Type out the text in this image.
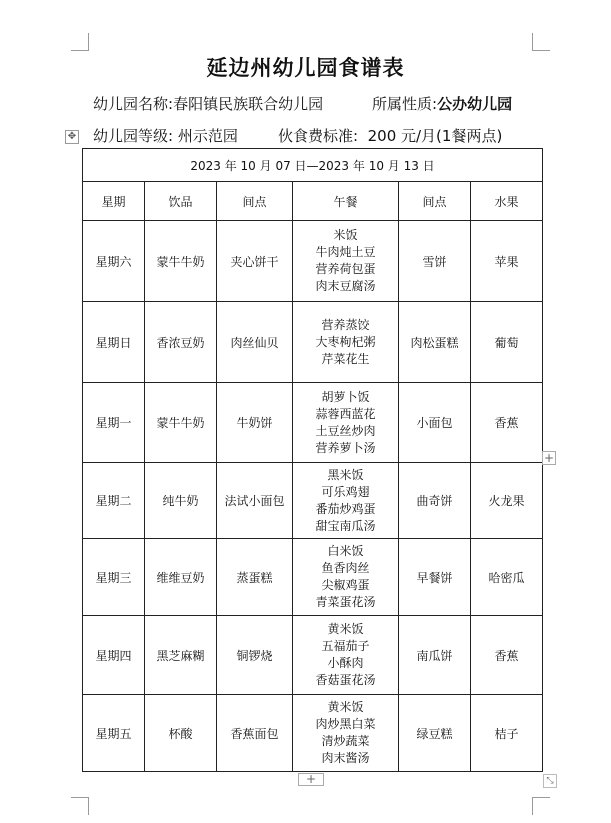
延边州幼儿园食谱表
幼儿园名称:春阳镇民族联合幼儿园	所属性质:公办幼儿园
幼儿园等级: 州示范园	伙食费标准: 200 元/月(1餐两点)
✥
2023 年 10 月 07 日—2023 年 10 月 13 日					
星期	饮品	间点	午餐	间点	水果
星期六	蒙牛牛奶	夹心饼干	米饭
牛肉炖土豆
营养荷包蛋
肉末豆腐汤	雪饼	苹果
星期日	香浓豆奶	肉丝仙贝	营养蒸饺
大枣枸杞粥
芹菜花生	肉松蛋糕	葡萄
星期一	蒙牛牛奶	牛奶饼	胡萝卜饭
蒜蓉西蓝花
土豆丝炒肉
营养萝卜汤	小面包	香蕉
星期二	纯牛奶	法试小面包	黑米饭
可乐鸡翅
番茄炒鸡蛋
甜宝南瓜汤	曲奇饼	火龙果
星期三	维维豆奶	蒸蛋糕	白米饭
鱼香肉丝
尖椒鸡蛋
青菜蛋花汤	早餐饼	哈密瓜
星期四	黑芝麻糊	铜锣烧	黄米饭
五福茄子
小酥肉
香菇蛋花汤	南瓜饼	香蕉
星期五	杯酸	香蕉面包	黄米饭
肉炒黑白菜
清炒蔬菜
肉末酱汤	绿豆糕	桔子
+
+	⤡
